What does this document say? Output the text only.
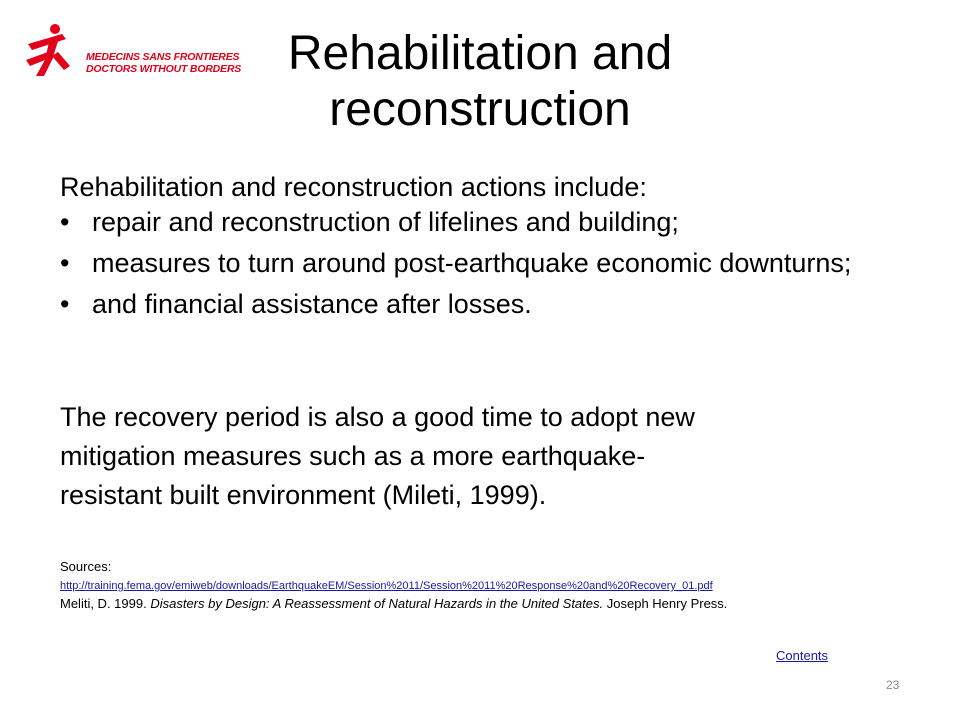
MEDECINS SANS FRONTIERES
DOCTORS WITHOUT BORDERS Rehabilitation and
reconstruction

Rehabilitation and reconstruction actions include:

• repair and reconstruction of lifelines and building;
• measures to turn around post-earthquake economic downturns;
• and financial assistance after losses.

The recovery period is also a good time to adopt new
mitigation measures such as a more earthquake-
resistant built environment (Mileti, 1999).

Sources:
http://training.fema.gov/emiweb/downloads/EarthquakeEM/Session%2011/Session%2011%20Response%20and%20Recovery_01.pdf
Meliti, D. 1999. Disasters by Design: A Reassessment of Natural Hazards in the United States. Joseph Henry Press.
Contents
23
